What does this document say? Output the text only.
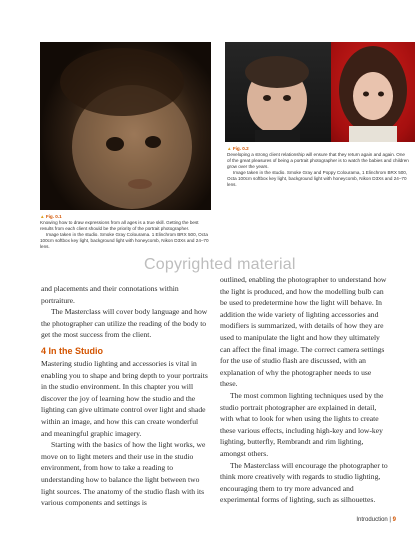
▲ Fig. 0.1

Knowing how to draw expressions from all ages is a true skill. Getting the best results from each client should be the priority of the portrait photographer.

Image taken in the studio. Smoke Gray Colourama. 1 Elinchrom BRX 500, Octa 100cm softbox key light, background light with honeycomb, Nikon D3Xs and 24–70 lens.

▲ Fig. 0.2

Developing a strong client relationship will ensure that they return again and again. One of the great pleasures of being a portrait photographer is to watch the babies and children grow over the years.

Image taken in the studio. Smoke Gray and Poppy Colourama, 1 Elinchrom BRX 500, Octa 100cm softbox key light, background light with honeycomb, Nikon D3Xs and 24–70 lens.

Copyrighted material

and placements and their connotations within portraiture.

The Masterclass will cover body language and how the photographer can utilize the reading of the body to get the most success from the client.

4 In the Studio

Mastering studio lighting and accessories is vital in enabling you to shape and bring depth to your portraits in the studio environment. In this chapter you will discover the joy of learning how the studio and the lighting can give ultimate control over light and shade within an image, and how this can create wonderful and meaningful graphic imagery.

Starting with the basics of how the light works, we move on to light meters and their use in the studio environment, from how to take a reading to understanding how to balance the light between two light sources. The anatomy of the studio flash with its various components and settings is

outlined, enabling the photographer to understand how the light is produced, and how the modelling bulb can be used to predetermine how the light will behave. In addition the wide variety of lighting accessories and modifiers is summarized, with details of how they are used to manipulate the light and how they ultimately can affect the final image. The correct camera settings for the use of studio flash are discussed, with an explanation of why the photographer needs to use these.

The most common lighting techniques used by the studio portrait photographer are explained in detail, with what to look for when using the lights to create these various effects, including high-key and low-key lighting, butterfly, Rembrandt and rim lighting, amongst others.

The Masterclass will encourage the photographer to think more creatively with regards to studio lighting, encouraging them to try more advanced and experimental forms of lighting, such as silhouettes.

Introduction | 9
